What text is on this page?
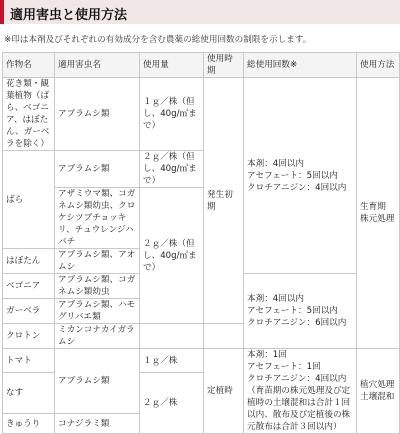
適用害虫と使用方法
※印は本剤及びそれぞれの有効成分を含む農薬の総使用回数の制限を示します。
作物名	適用害虫名	使用量	使用時期	総使用回数※	使用方法
花き類・観葉植物（ばら、ベゴニア、はぼたん、ガーベラを除く）	アブラムシ類	１ｇ／株（但し、40g/㎡まで）	発生初期	本剤：4回以内
アセフェート：5回以内
クロチアニジン：4回以内	生育期
株元処理
ばら	アブラムシ類	２ｇ／株（但し、40g/㎡まで）			
	アザミウマ類、コガネムシ類幼虫、クロケシツブチョッキリ、チュウレンジハバチ	２ｇ／株（但し、40g/㎡まで）			
はぼたん	アブラムシ類、アオムシ				
ベゴニア	アブラムシ類、コガネムシ類幼虫			本剤：4回以内
アセフェート：5回以内
クロチアニジン：6回以内	
ガーベラ	アブラムシ類、ハモグリバエ類				
クロトン	ミカンコナカイガラムシ				
トマト	アブラムシ類	１ｇ／株	定植時	本剤：1回
アセフェート：1回
クロチアニジン：4回以内（育苗期の株元処理及び定植時の土壌混和は合計１回以内、散布及び定植後の株元散布は合計３回以内）	植穴処理
土壌混和
なす		２ｇ／株			
きゅうり	コナジラミ類				
